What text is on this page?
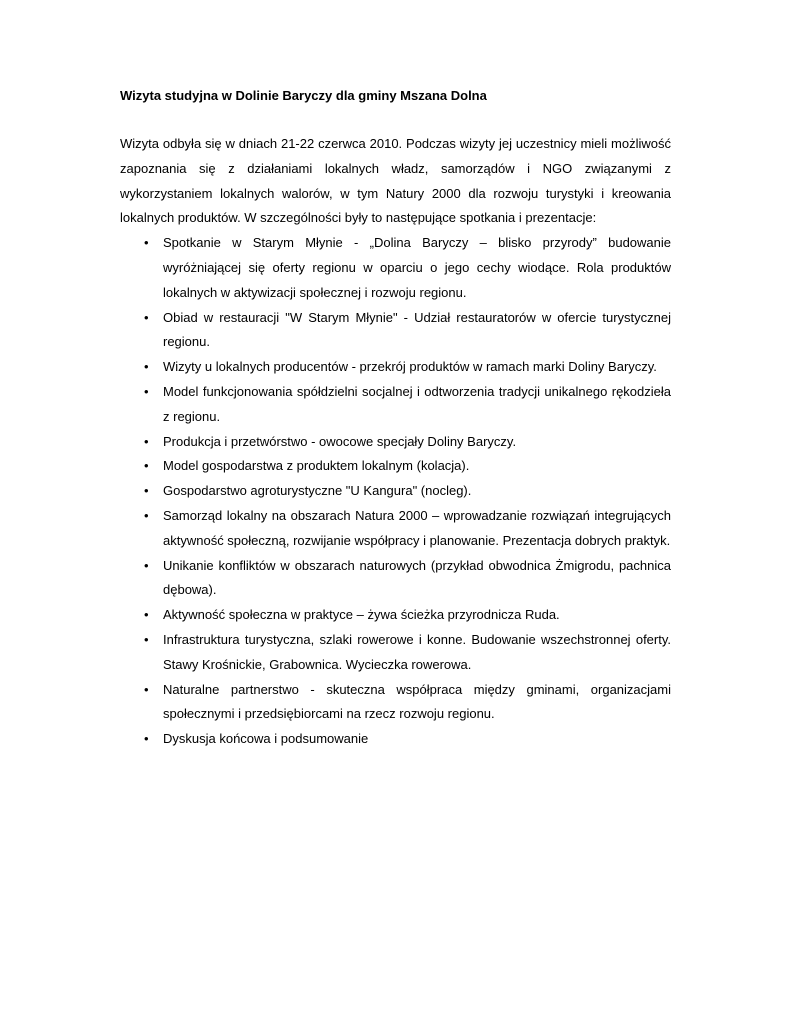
Wizyta studyjna w Dolinie Baryczy dla gminy Mszana Dolna

Wizyta odbyła się w dniach 21-22 czerwca 2010. Podczas wizyty jej uczestnicy mieli możliwość zapoznania się z działaniami lokalnych władz, samorządów i NGO związanymi z wykorzystaniem lokalnych walorów, w tym Natury 2000 dla rozwoju turystyki i kreowania lokalnych produktów. W szczególności były to następujące spotkania i prezentacje:

• Spotkanie w Starym Młynie - „Dolina Baryczy – blisko przyrody” budowanie wyróżniającej się oferty regionu w oparciu o jego cechy wiodące. Rola produktów lokalnych w aktywizacji społecznej i rozwoju regionu.
• Obiad w restauracji "W Starym Młynie" - Udział restauratorów w ofercie turystycznej regionu.
• Wizyty u lokalnych producentów - przekrój produktów w ramach marki Doliny Baryczy.
• Model funkcjonowania spółdzielni socjalnej i odtworzenia tradycji unikalnego rękodzieła z regionu.
• Produkcja i przetwórstwo - owocowe specjały Doliny Baryczy.
• Model gospodarstwa z produktem lokalnym (kolacja).
• Gospodarstwo agroturystyczne "U Kangura" (nocleg).
• Samorząd lokalny na obszarach Natura 2000 – wprowadzanie rozwiązań integrujących aktywność społeczną, rozwijanie współpracy i planowanie. Prezentacja dobrych praktyk.
• Unikanie konfliktów w obszarach naturowych (przykład obwodnica Żmigrodu, pachnica dębowa).
• Aktywność społeczna w praktyce – żywa ścieżka przyrodnicza Ruda.
• Infrastruktura turystyczna, szlaki rowerowe i konne. Budowanie wszechstronnej oferty. Stawy Krośnickie, Grabownica. Wycieczka rowerowa.
• Naturalne partnerstwo - skuteczna współpraca między gminami, organizacjami społecznymi i przedsiębiorcami na rzecz rozwoju regionu.
• Dyskusja końcowa i podsumowanie
